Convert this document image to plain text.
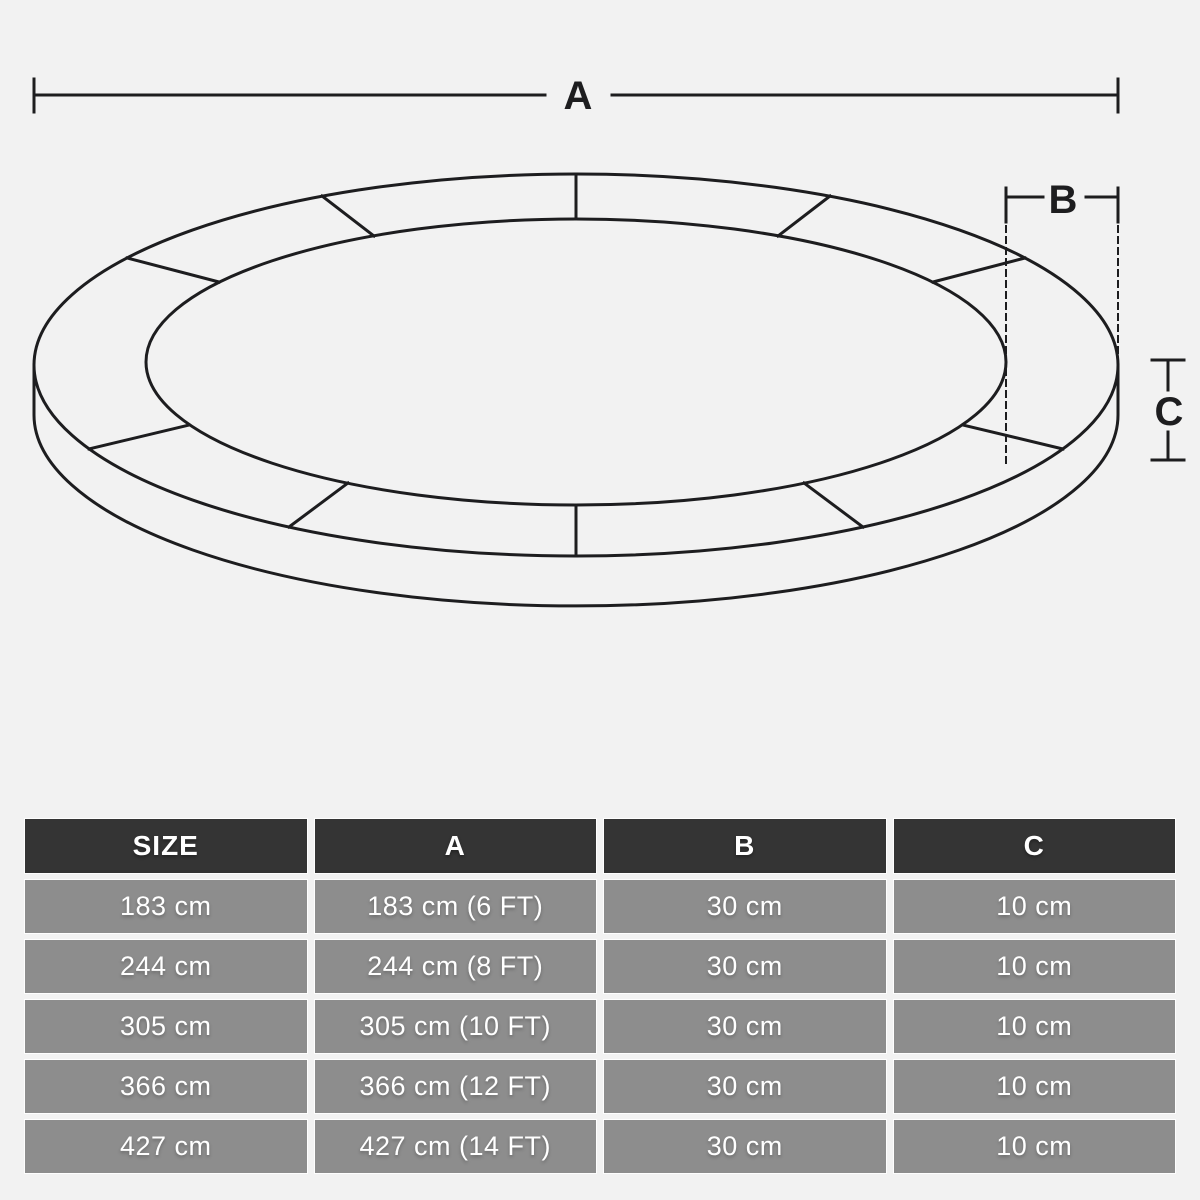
A
B
C
SIZE	A	B	C
183 cm	183 cm (6 FT)	30 cm	10 cm
244 cm	244 cm (8 FT)	30 cm	10 cm
305 cm	305 cm (10 FT)	30 cm	10 cm
366 cm	366 cm (12 FT)	30 cm	10 cm
427 cm	427 cm (14 FT)	30 cm	10 cm
